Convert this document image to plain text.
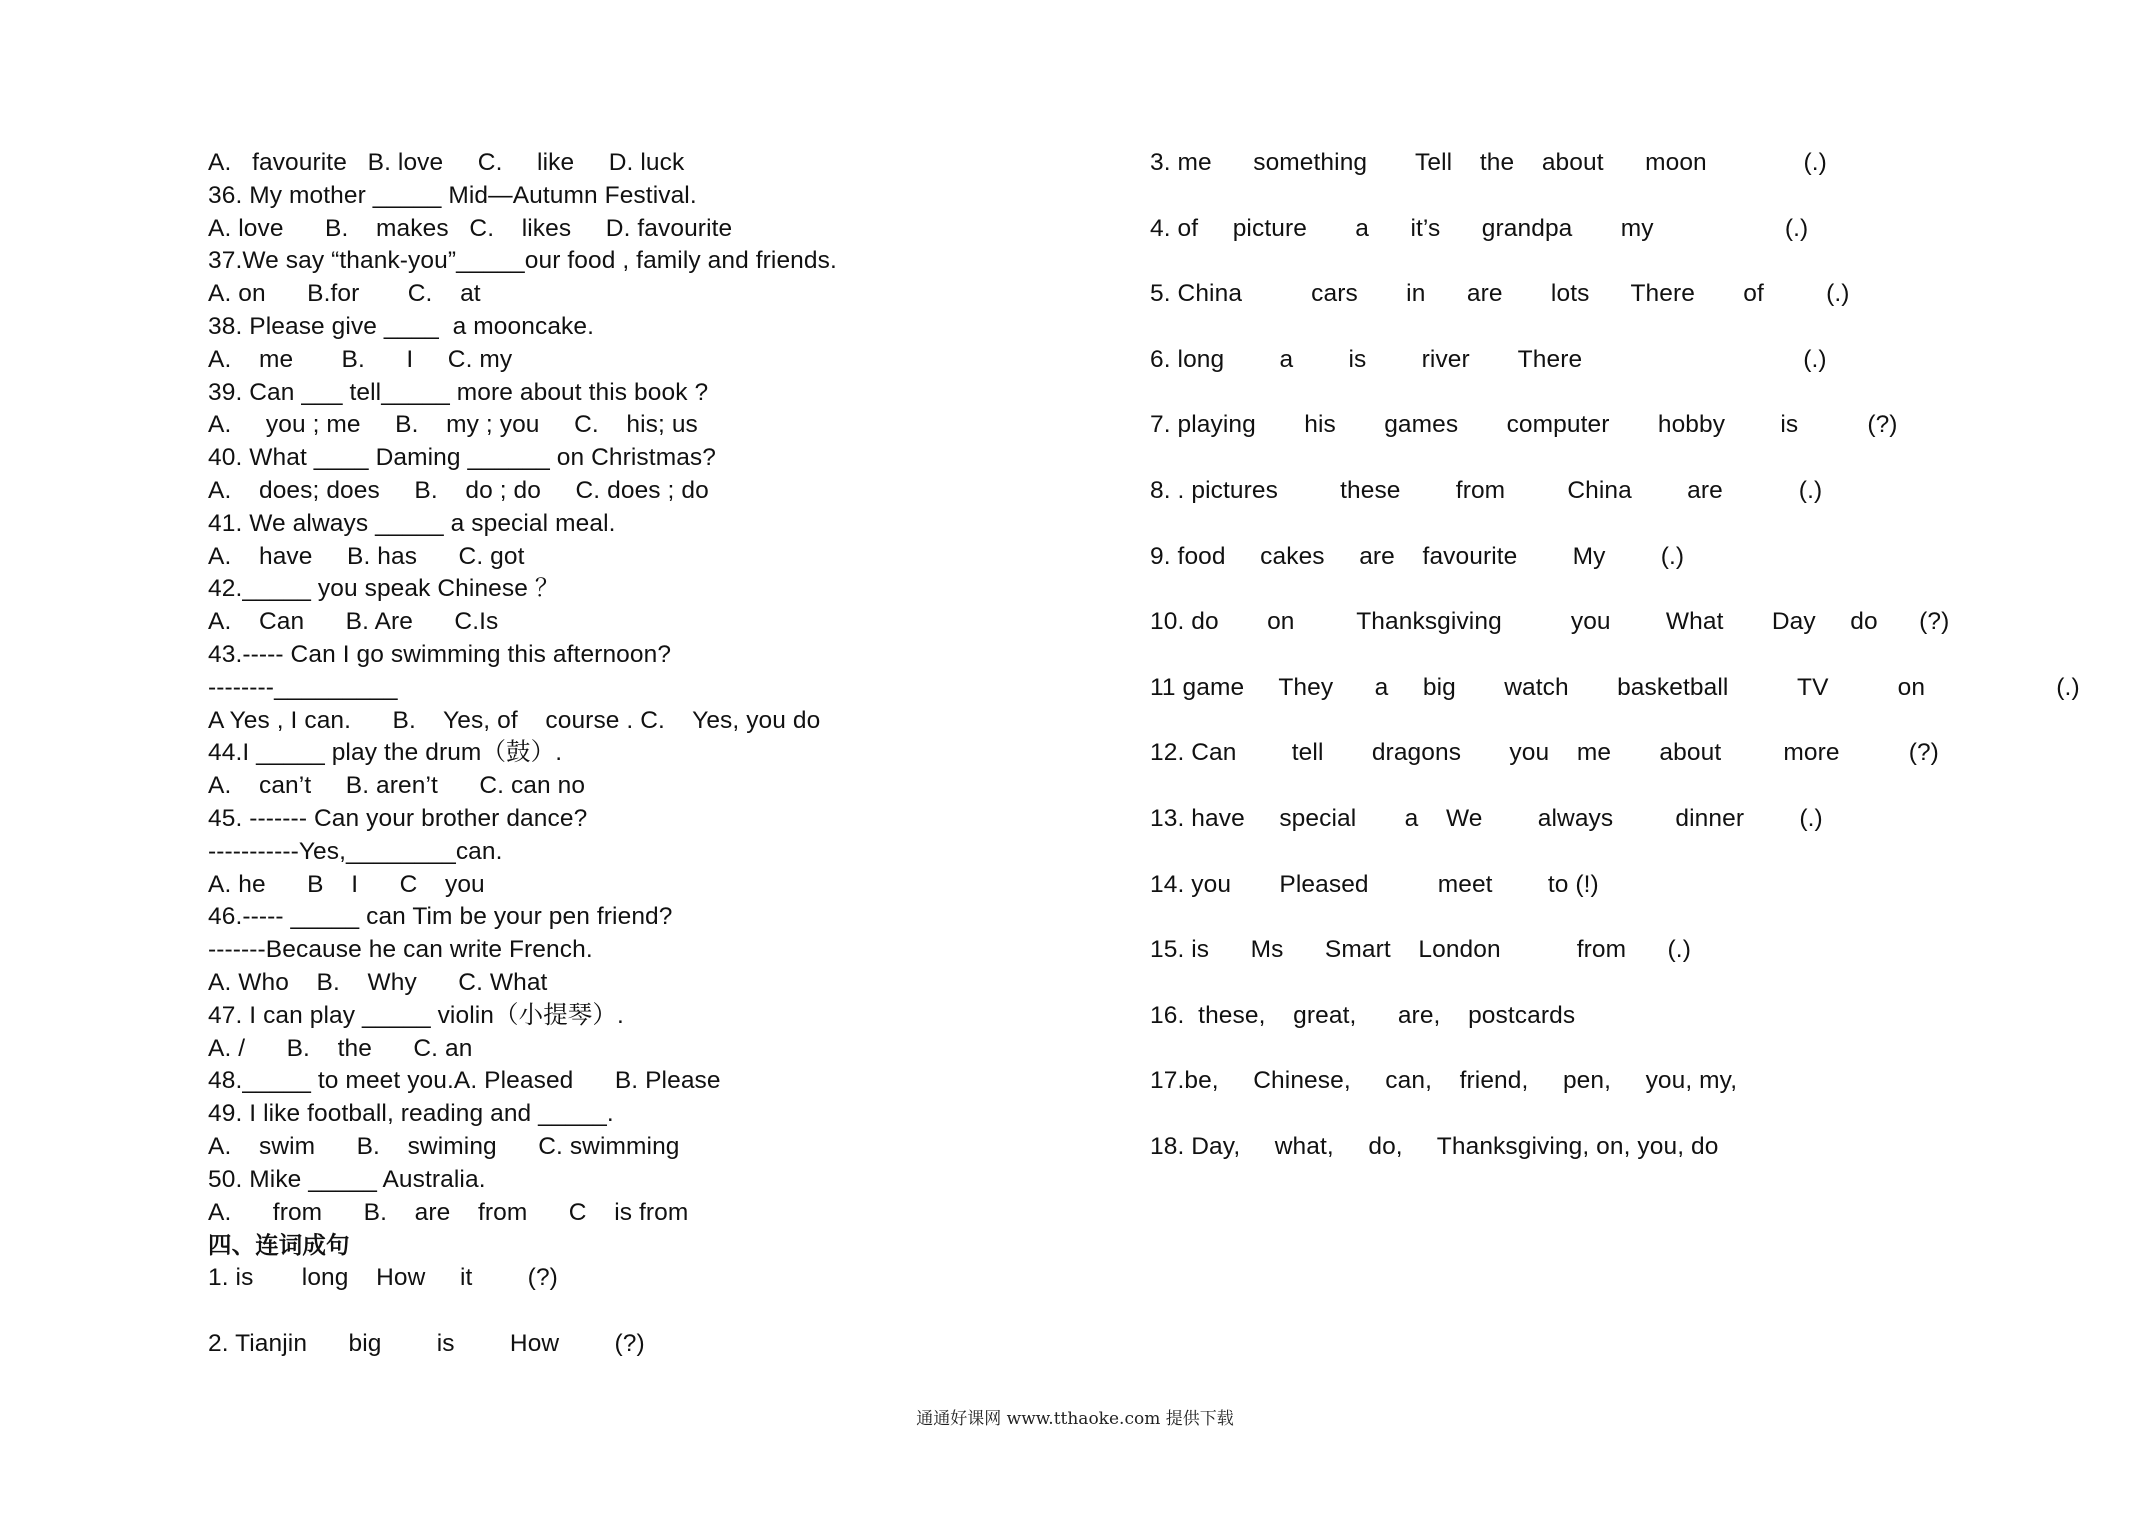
A.   favourite   B. love     C.     like     D. luck
36. My mother _____ Mid—Autumn Festival.
A. love      B.    makes   C.    likes     D. favourite
37.We say “thank-you”_____our food , family and friends.
A. on      B.for       C.    at
38. Please give ____  a mooncake.
A.    me       B.      I     C. my
39. Can ___ tell_____ more about this book ?
A.     you ; me     B.    my ; you     C.    his; us
40. What ____ Daming ______ on Christmas?
A.    does; does     B.    do ; do     C. does ; do
41. We always _____ a special meal.
A.    have     B. has      C. got
42._____ you speak Chinese ？
A.    Can      B. Are      C.Is
43.----- Can I go swimming this afternoon?
--------_________
A Yes , I can.      B.    Yes, of    course . C.    Yes, you do
44.I _____ play the drum（鼓）.
A.    can’t     B. aren’t      C. can no
45. ------- Can your brother dance?
-----------Yes,________can.
A. he      B    I      C    you
46.----- _____ can Tim be your pen friend?
-------Because he can write French.
A. Who    B.    Why      C. What
47. I can play _____ violin（小提琴）.
A. /      B.    the      C. an
48._____ to meet you.A. Pleased      B. Please
49. I like football, reading and _____.
A.    swim      B.    swiming      C. swimming
50. Mike _____ Australia.
A.      from      B.    are    from      C    is from
四、连词成句
1. is       long    How     it        (?)
2. Tianjin      big        is        How        (?)
3. me      something       Tell    the    about      moon              (.)
4. of     picture       a      it’s      grandpa       my                   (.)
5. China          cars       in      are       lots      There       of         (.)
6. long        a        is        river       There                                (.)
7. playing       his       games       computer       hobby        is          (?)
8. . pictures         these        from         China        are           (.)
9. food     cakes     are    favourite        My        (.)
10. do       on         Thanksgiving          you        What       Day     do      (?)
11 game     They      a     big       watch       basketball          TV          on                   (.)
12. Can        tell       dragons       you    me       about         more          (?)
13. have     special       a    We        always         dinner        (.)
14. you       Pleased          meet        to (!)
15. is      Ms      Smart    London           from      (.)
16.  these,    great,      are,    postcards
17.be,     Chinese,     can,    friend,     pen,     you, my,
18. Day,     what,     do,     Thanksgiving, on, you, do
通通好课网 www.tthaoke.com 提供下载
